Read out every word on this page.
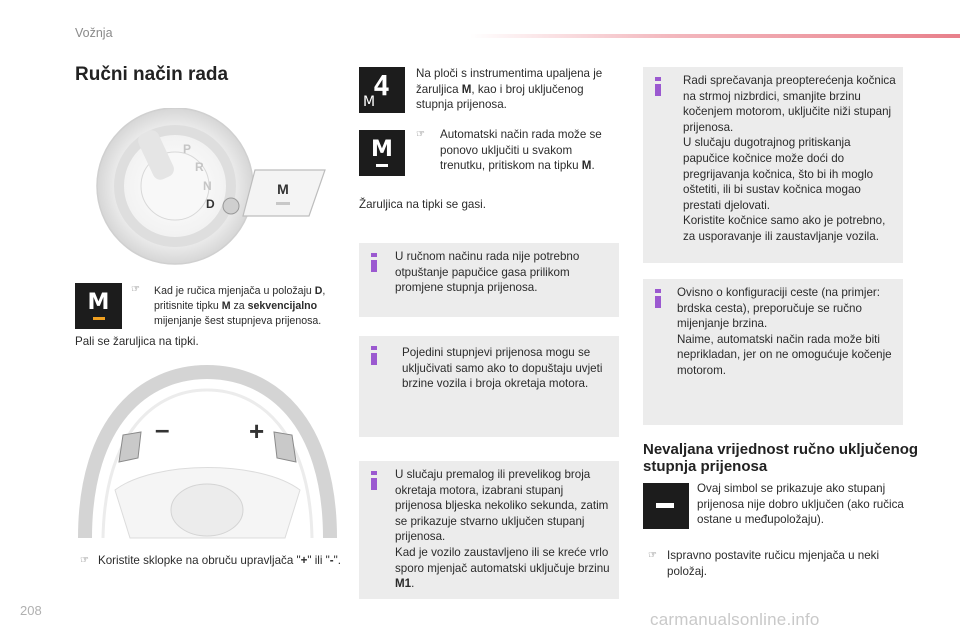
Vožnja
Ručni način rada
P
R
N
D
M
M ☞ Kad je ručica mjenjača u položaju D, pritisnite tipku M za sekvencijalno mijenjanje šest stupnjeva prijenosa.
Pali se žaruljica na tipki.
–	+
☞ Koristite sklopke na obruču upravljača "+" ili "-".
4
M
Na ploči s instrumentima upaljena je žaruljica M, kao i broj uključenog stupnja prijenosa.
M
☞ Automatski način rada može se ponovo uključiti u svakom trenutku, pritiskom na tipku M.
Žaruljica na tipki se gasi.
U ručnom načinu rada nije potrebno otpuštanje papučice gasa prilikom promjene stupnja prijenosa.
Pojedini stupnjevi prijenosa mogu se uključivati samo ako to dopuštaju uvjeti brzine vozila i broja okretaja motora.
U slučaju premalog ili prevelikog broja okretaja motora, izabrani stupanj prijenosa bljeska nekoliko sekunda, zatim se prikazuje stvarno uključen stupanj prijenosa.
Kad je vozilo zaustavljeno ili se kreće vrlo sporo mjenjač automatski uključuje brzinu M1.
Radi sprečavanja preopterećenja kočnica na strmoj nizbrdici, smanjite brzinu kočenjem motorom, uključite niži stupanj prijenosa.
U slučaju dugotrajnog pritiskanja papučice kočnice može doći do pregrijavanja kočnica, što bi ih moglo oštetiti, ili bi sustav kočnica mogao prestati djelovati.
Koristite kočnice samo ako je potrebno, za usporavanje ili zaustavljanje vozila.
Ovisno o konfiguraciji ceste (na primjer: brdska cesta), preporučuje se ručno mijenjanje brzina.
Naime, automatski način rada može biti neprikladan, jer on ne omogućuje kočenje motorom.
Nevaljana vrijednost ručno uključenog stupnja prijenosa
Ovaj simbol se prikazuje ako stupanj prijenosa nije dobro uključen (ako ručica ostane u međupoložaju).
☞ Ispravno postavite ručicu mjenjača u neki položaj.
208	carmanualsonline.info
